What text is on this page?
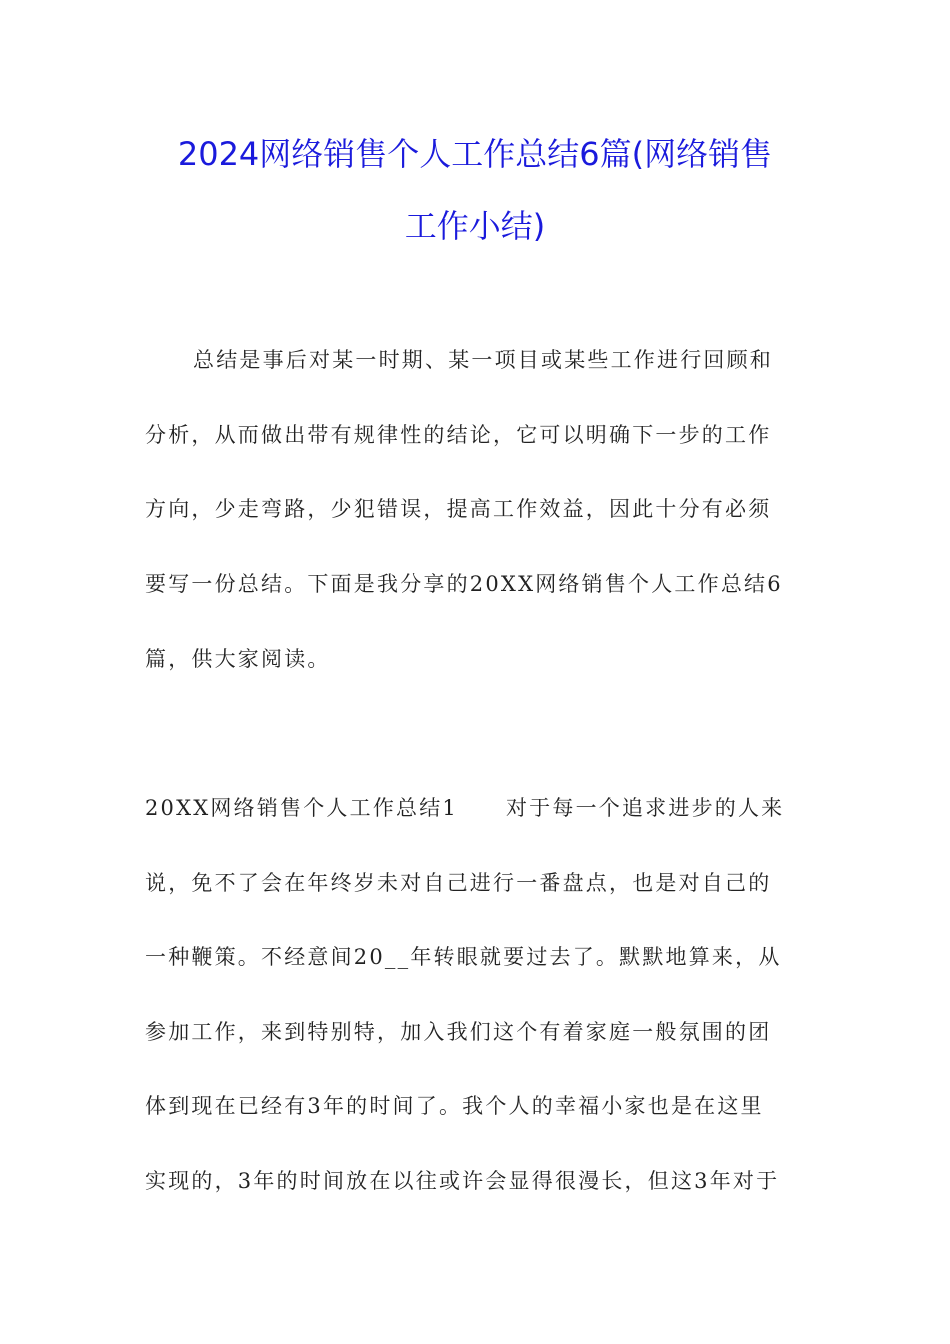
2024网络销售个人工作总结6篇(网络销售
工作小结)
总结是事后对某一时期、某一项目或某些工作进行回顾和
分析，从而做出带有规律性的结论，它可以明确下一步的工作
方向，少走弯路，少犯错误，提高工作效益，因此十分有必须
要写一份总结。下面是我分享的20XX网络销售个人工作总结6
篇，供大家阅读。
20XX网络销售个人工作总结1 对于每一个追求进步的人来
说，免不了会在年终岁未对自己进行一番盘点，也是对自己的
一种鞭策。不经意间20__年转眼就要过去了。默默地算来，从
参加工作，来到特别特，加入我们这个有着家庭一般氛围的团
体到现在已经有3年的时间了。我个人的幸福小家也是在这里
实现的，3年的时间放在以往或许会显得很漫长，但这3年对于
